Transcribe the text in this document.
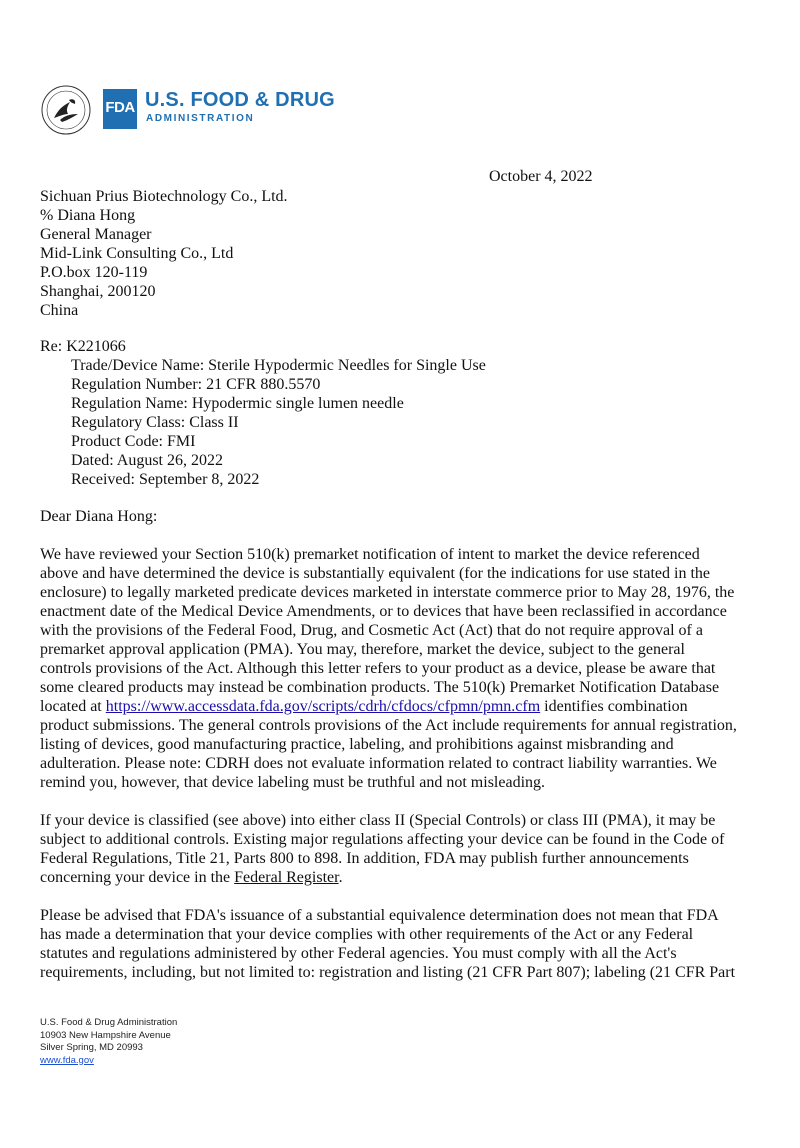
· · · · ·
FDA U.S. FOOD & DRUG
ADMINISTRATION
October 4, 2022
Sichuan Prius Biotechnology Co., Ltd.
% Diana Hong
General Manager
Mid-Link Consulting Co., Ltd
P.O.box 120-119
Shanghai, 200120
China
Re: K221066
Trade/Device Name: Sterile Hypodermic Needles for Single Use
Regulation Number: 21 CFR 880.5570
Regulation Name: Hypodermic single lumen needle
Regulatory Class: Class II
Product Code: FMI
Dated: August 26, 2022
Received: September 8, 2022
Dear Diana Hong:
We have reviewed your Section 510(k) premarket notification of intent to market the device referenced
above and have determined the device is substantially equivalent (for the indications for use stated in the
enclosure) to legally marketed predicate devices marketed in interstate commerce prior to May 28, 1976, the
enactment date of the Medical Device Amendments, or to devices that have been reclassified in accordance
with the provisions of the Federal Food, Drug, and Cosmetic Act (Act) that do not require approval of a
premarket approval application (PMA). You may, therefore, market the device, subject to the general
controls provisions of the Act. Although this letter refers to your product as a device, please be aware that
some cleared products may instead be combination products. The 510(k) Premarket Notification Database
located at https://www.accessdata.fda.gov/scripts/cdrh/cfdocs/cfpmn/pmn.cfm identifies combination
product submissions. The general controls provisions of the Act include requirements for annual registration,
listing of devices, good manufacturing practice, labeling, and prohibitions against misbranding and
adulteration. Please note: CDRH does not evaluate information related to contract liability warranties. We
remind you, however, that device labeling must be truthful and not misleading.
If your device is classified (see above) into either class II (Special Controls) or class III (PMA), it may be
subject to additional controls. Existing major regulations affecting your device can be found in the Code of
Federal Regulations, Title 21, Parts 800 to 898. In addition, FDA may publish further announcements
concerning your device in the Federal Register.
Please be advised that FDA's issuance of a substantial equivalence determination does not mean that FDA
has made a determination that your device complies with other requirements of the Act or any Federal
statutes and regulations administered by other Federal agencies. You must comply with all the Act's
requirements, including, but not limited to: registration and listing (21 CFR Part 807); labeling (21 CFR Part
U.S. Food & Drug Administration
10903 New Hampshire Avenue
Silver Spring, MD 20993
www.fda.gov
